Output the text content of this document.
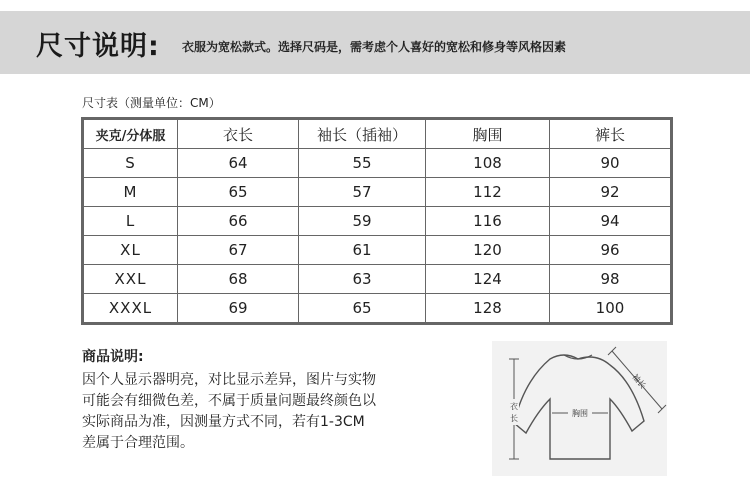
尺寸说明: 衣服为宽松款式。选择尺码是，需考虑个人喜好的宽松和修身等风格因素
尺寸表（测量单位：CM）
夹克/分体服	衣长	袖长（插袖）	胸围	裤长
S	64	55	108	90
M	65	57	112	92
L	66	59	116	94
XL	67	61	120	96
XXL	68	63	124	98
XXXL	69	65	128	100
商品说明:
因个人显示器明亮，对比显示差异，图片与实物
可能会有细微色差，不属于质量问题最终颜色以
实际商品为准，因测量方式不同，若有1-3CM
差属于合理范围。
衣
长
胸围
袖长
